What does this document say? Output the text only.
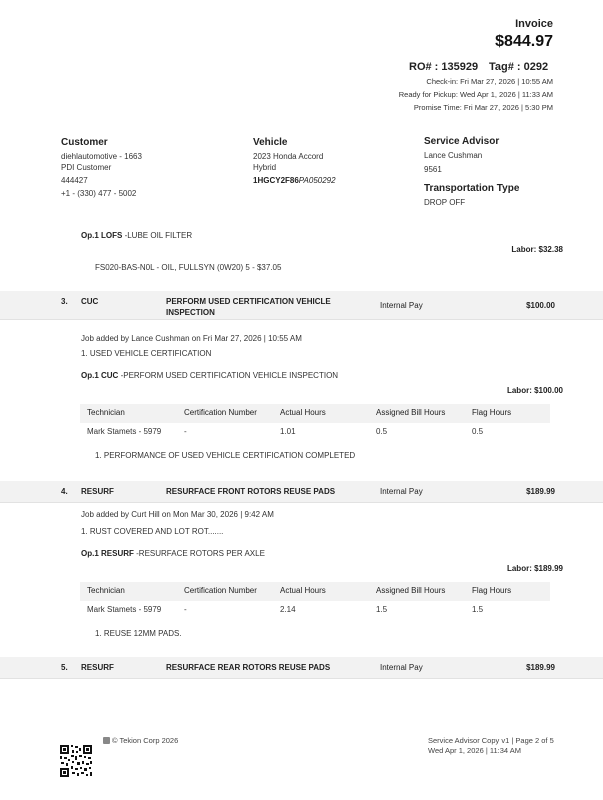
Invoice
$844.97
RO# : 135929 Tag# : 0292
Check-in: Fri Mar 27, 2026 | 10:55 AM
Ready for Pickup: Wed Apr 1, 2026 | 11:33 AM
Promise Time: Fri Mar 27, 2026 | 5:30 PM
Customer
diehlautomotive - 1663
PDI Customer
444427
+1 - (330) 477 - 5002
Vehicle
2023 Honda Accord
Hybrid
1HGCY2F86PA050292
Service Advisor
Lance Cushman
9561
Transportation Type
DROP OFF
Op.1 LOFS -LUBE OIL FILTER
Labor: $32.38
FS020-BAS-N0L - OIL, FULLSYN (0W20) 5 - $37.05
3. CUC	PERFORM USED CERTIFICATION VEHICLE
INSPECTION
Internal Pay	$100.00
Job added by Lance Cushman on Fri Mar 27, 2026 | 10:55 AM
1. USED VEHICLE CERTIFICATION
Op.1 CUC -PERFORM USED CERTIFICATION VEHICLE INSPECTION
Labor: $100.00
Technician	Certification Number	Actual Hours	Assigned Bill Hours	Flag Hours
Mark Stamets - 5979	-	1.01	0.5	0.5
1. PERFORMANCE OF USED VEHICLE CERTIFICATION COMPLETED
4. RESURF	RESURFACE FRONT ROTORS REUSE PADS	Internal Pay	$189.99
Job added by Curt Hill on Mon Mar 30, 2026 | 9:42 AM
1. RUST COVERED AND LOT ROT.......
Op.1 RESURF -RESURFACE ROTORS PER AXLE
Labor: $189.99
Technician	Certification Number	Actual Hours	Assigned Bill Hours	Flag Hours
Mark Stamets - 5979	-	2.14	1.5	1.5
1. REUSE 12MM PADS.
5. RESURF	RESURFACE REAR ROTORS REUSE PADS	Internal Pay	$189.99
© Tekion Corp 2026	Service Advisor Copy v1 | Page 2 of 5
Wed Apr 1, 2026 | 11:34 AM
